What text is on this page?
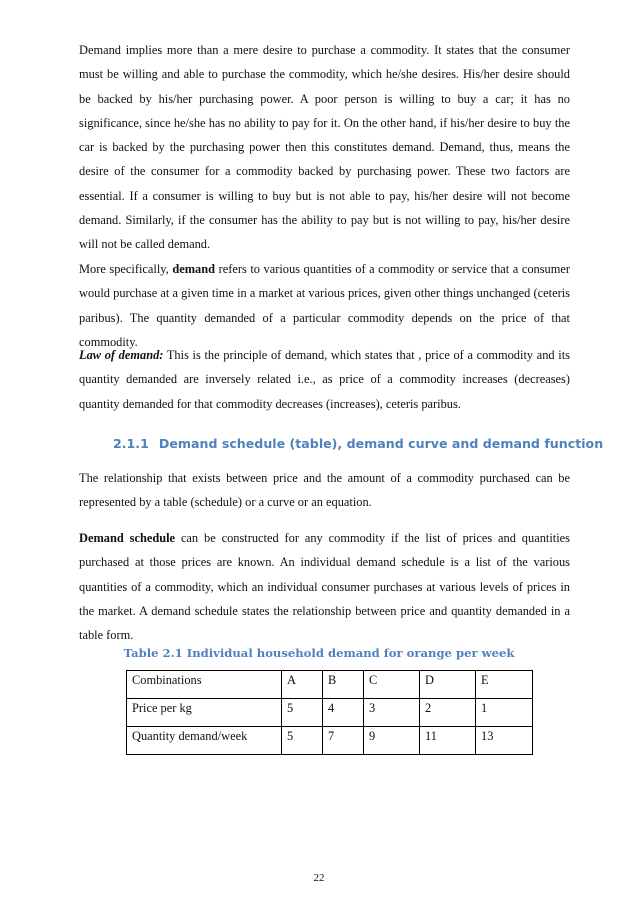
Demand implies more than a mere desire to purchase a commodity. It states that the consumer must be willing and able to purchase the commodity, which he/she desires. His/her desire should be backed by his/her purchasing power. A poor person is willing to buy a car; it has no significance, since he/she has no ability to pay for it. On the other hand, if his/her desire to buy the car is backed by the purchasing power then this constitutes demand. Demand, thus, means the desire of the consumer for a commodity backed by purchasing power. These two factors are essential. If a consumer is willing to buy but is not able to pay, his/her desire will not become demand. Similarly, if the consumer has the ability to pay but is not willing to pay, his/her desire will not be called demand.

More specifically, demand refers to various quantities of a commodity or service that a consumer would purchase at a given time in a market at various prices, given other things unchanged (ceteris paribus). The quantity demanded of a particular commodity depends on the price of that commodity.

Law of demand: This is the principle of demand, which states that , price of a commodity and its quantity demanded are inversely related i.e., as price of a commodity increases (decreases) quantity demanded for that commodity decreases (increases), ceteris paribus.

2.1.1 Demand schedule (table), demand curve and demand function

The relationship that exists between price and the amount of a commodity purchased can be represented by a table (schedule) or a curve or an equation.

Demand schedule can be constructed for any commodity if the list of prices and quantities purchased at those prices are known. An individual demand schedule is a list of the various quantities of a commodity, which an individual consumer purchases at various levels of prices in the market. A demand schedule states the relationship between price and quantity demanded in a table form.

Table 2.1 Individual household demand for orange per week

Combinations	A	B	C	D	E
Price per kg	5	4	3	2	1
Quantity demand/week	5	7	9	11	13

22
